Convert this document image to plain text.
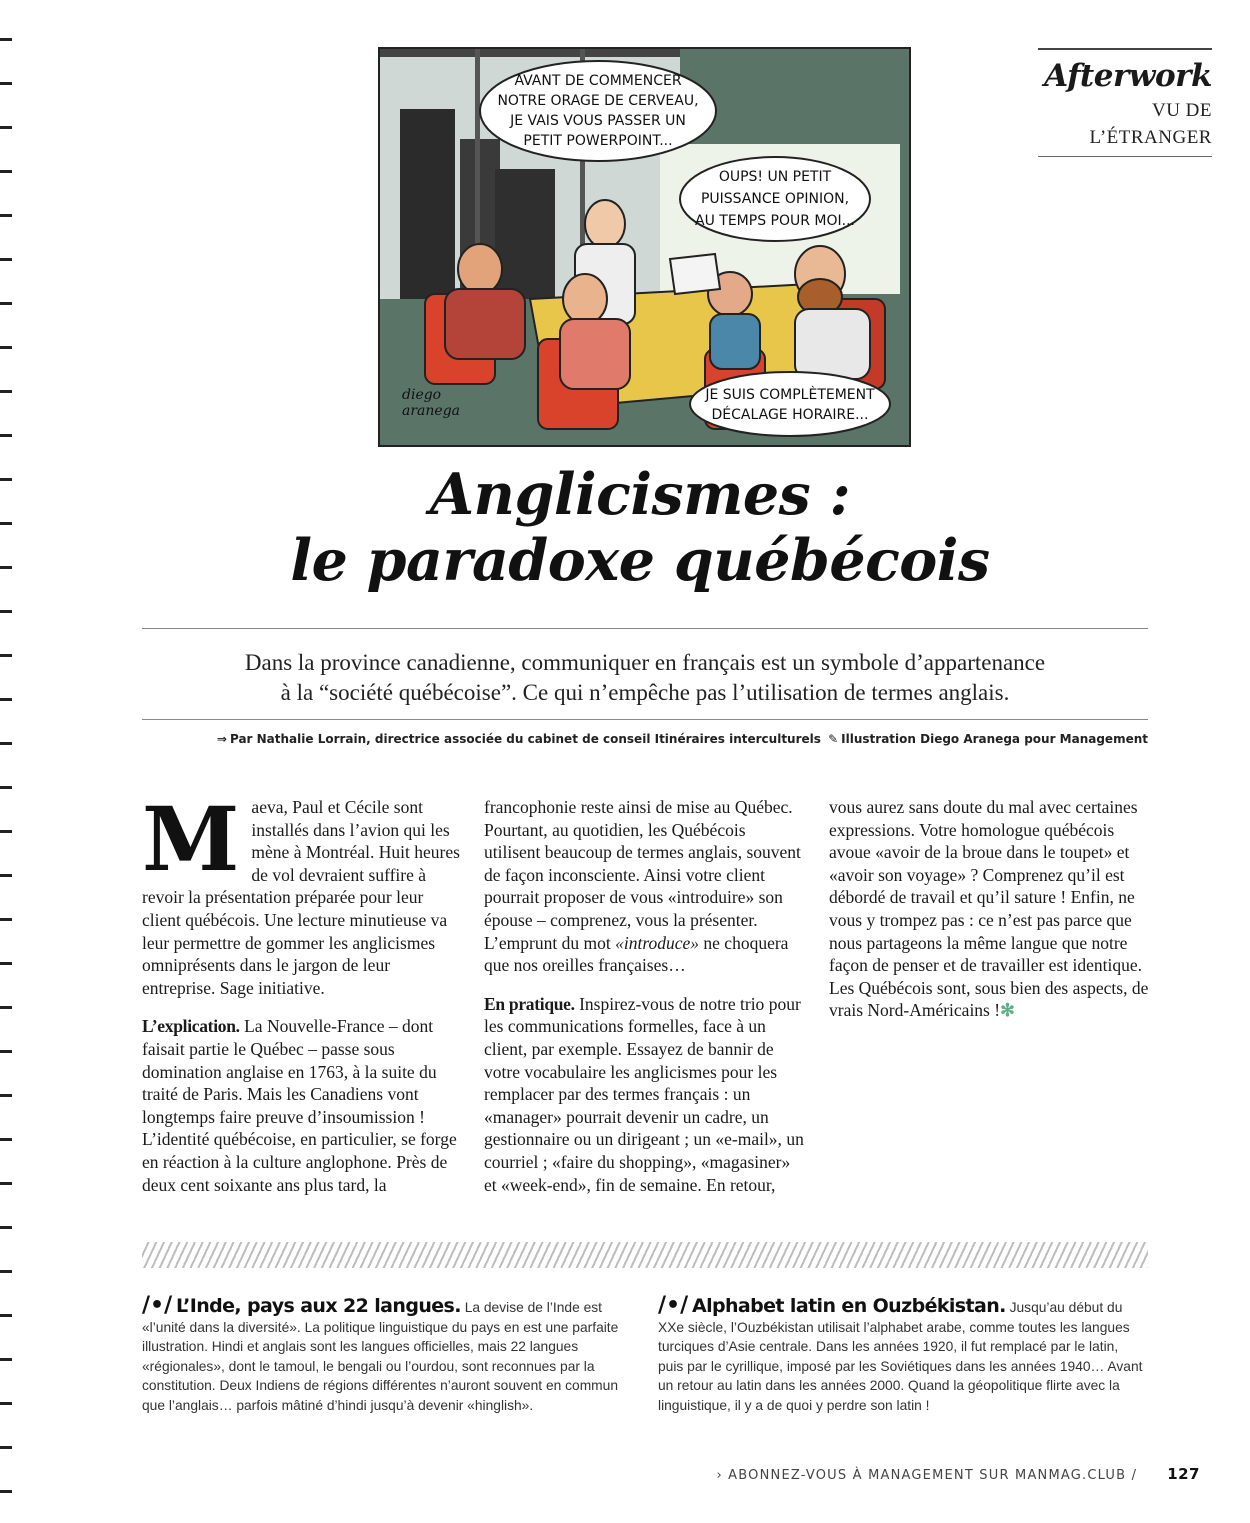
Afterwork
VU DE
L’ÉTRANGER
AVANT DE COMMENCER
NOTRE ORAGE DE CERVEAU,
JE VAIS VOUS PASSER UN
PETIT POWERPOINT...
OUPS! UN PETIT
PUISSANCE OPINION,
AU TEMPS POUR MOI...
JE SUIS COMPLÈTEMENT
DÉCALAGE HORAIRE...
diego
aranega
Anglicismes :
le paradoxe québécois
Dans la province canadienne, communiquer en français est un symbole d’appartenance
à la “société québécoise”. Ce qui n’empêche pas l’utilisation de termes anglais.
⇒ Par Nathalie Lorrain, directrice associée du cabinet de conseil Itinéraires interculturels ✎ Illustration Diego Aranega pour Management

Maeva, Paul et Cécile sont installés dans l’avion qui les mène à Montréal. Huit heures de vol devraient suffire à revoir la présentation préparée pour leur client québécois. Une lecture minutieuse va leur permettre de gommer les anglicismes omniprésents dans le jargon de leur entreprise. Sage initiative.

L’explication. La Nouvelle-France – dont faisait partie le Québec – passe sous domination anglaise en 1763, à la suite du traité de Paris. Mais les Canadiens vont longtemps faire preuve d’insoumission ! L’identité québécoise, en particulier, se forge en réaction à la culture anglophone. Près de deux cent soixante ans plus tard, la

francophonie reste ainsi de mise au Québec. Pourtant, au quotidien, les Québécois utilisent beaucoup de termes anglais, souvent de façon inconsciente. Ainsi votre client pourrait proposer de vous «introduire» son épouse – comprenez, vous la présenter. L’emprunt du mot «introduce» ne choquera que nos oreilles françaises…

En pratique. Inspirez-vous de notre trio pour les communications formelles, face à un client, par exemple. Essayez de bannir de votre vocabulaire les anglicismes pour les remplacer par des termes français : un «manager» pourrait devenir un cadre, un gestionnaire ou un dirigeant ; un «e-mail», un courriel ; «faire du shopping», «magasiner» et «week-end», fin de semaine. En retour,

/•/ L’Inde, pays aux 22 langues. La devise de l’Inde est «l’unité dans la diversité». La politique linguistique du pays en est une parfaite illustration. Hindi et anglais sont les langues officielles, mais 22 langues «régionales», dont le tamoul, le bengali ou l’ourdou, sont reconnues par la constitution. Deux Indiens de régions différentes n’auront souvent en commun que l’anglais… parfois mâtiné d’hindi jusqu’à devenir «hinglish».
/•/ Alphabet latin en Ouzbékistan. Jusqu’au début du XXe siècle, l’Ouzbékistan utilisait l’alphabet arabe, comme toutes les langues turciques d’Asie centrale. Dans les années 1920, il fut remplacé par le latin, puis par le cyrillique, imposé par les Soviétiques dans les années 1940… Avant un retour au latin dans les années 2000. Quand la géopolitique flirte avec la linguistique, il y a de quoi y perdre son latin !
› ABONNEZ-VOUS À MANAGEMENT SUR MANMAG.CLUB / 127

vous aurez sans doute du mal avec certaines expressions. Votre homologue québécois avoue «avoir de la broue dans le toupet» et «avoir son voyage» ? Comprenez qu’il est débordé de travail et qu’il sature ! Enfin, ne vous y trompez pas : ce n’est pas parce que nous partageons la même langue que notre façon de penser et de travailler est identique. Les Québécois sont, sous bien des aspects, de vrais Nord-Américains !✻
